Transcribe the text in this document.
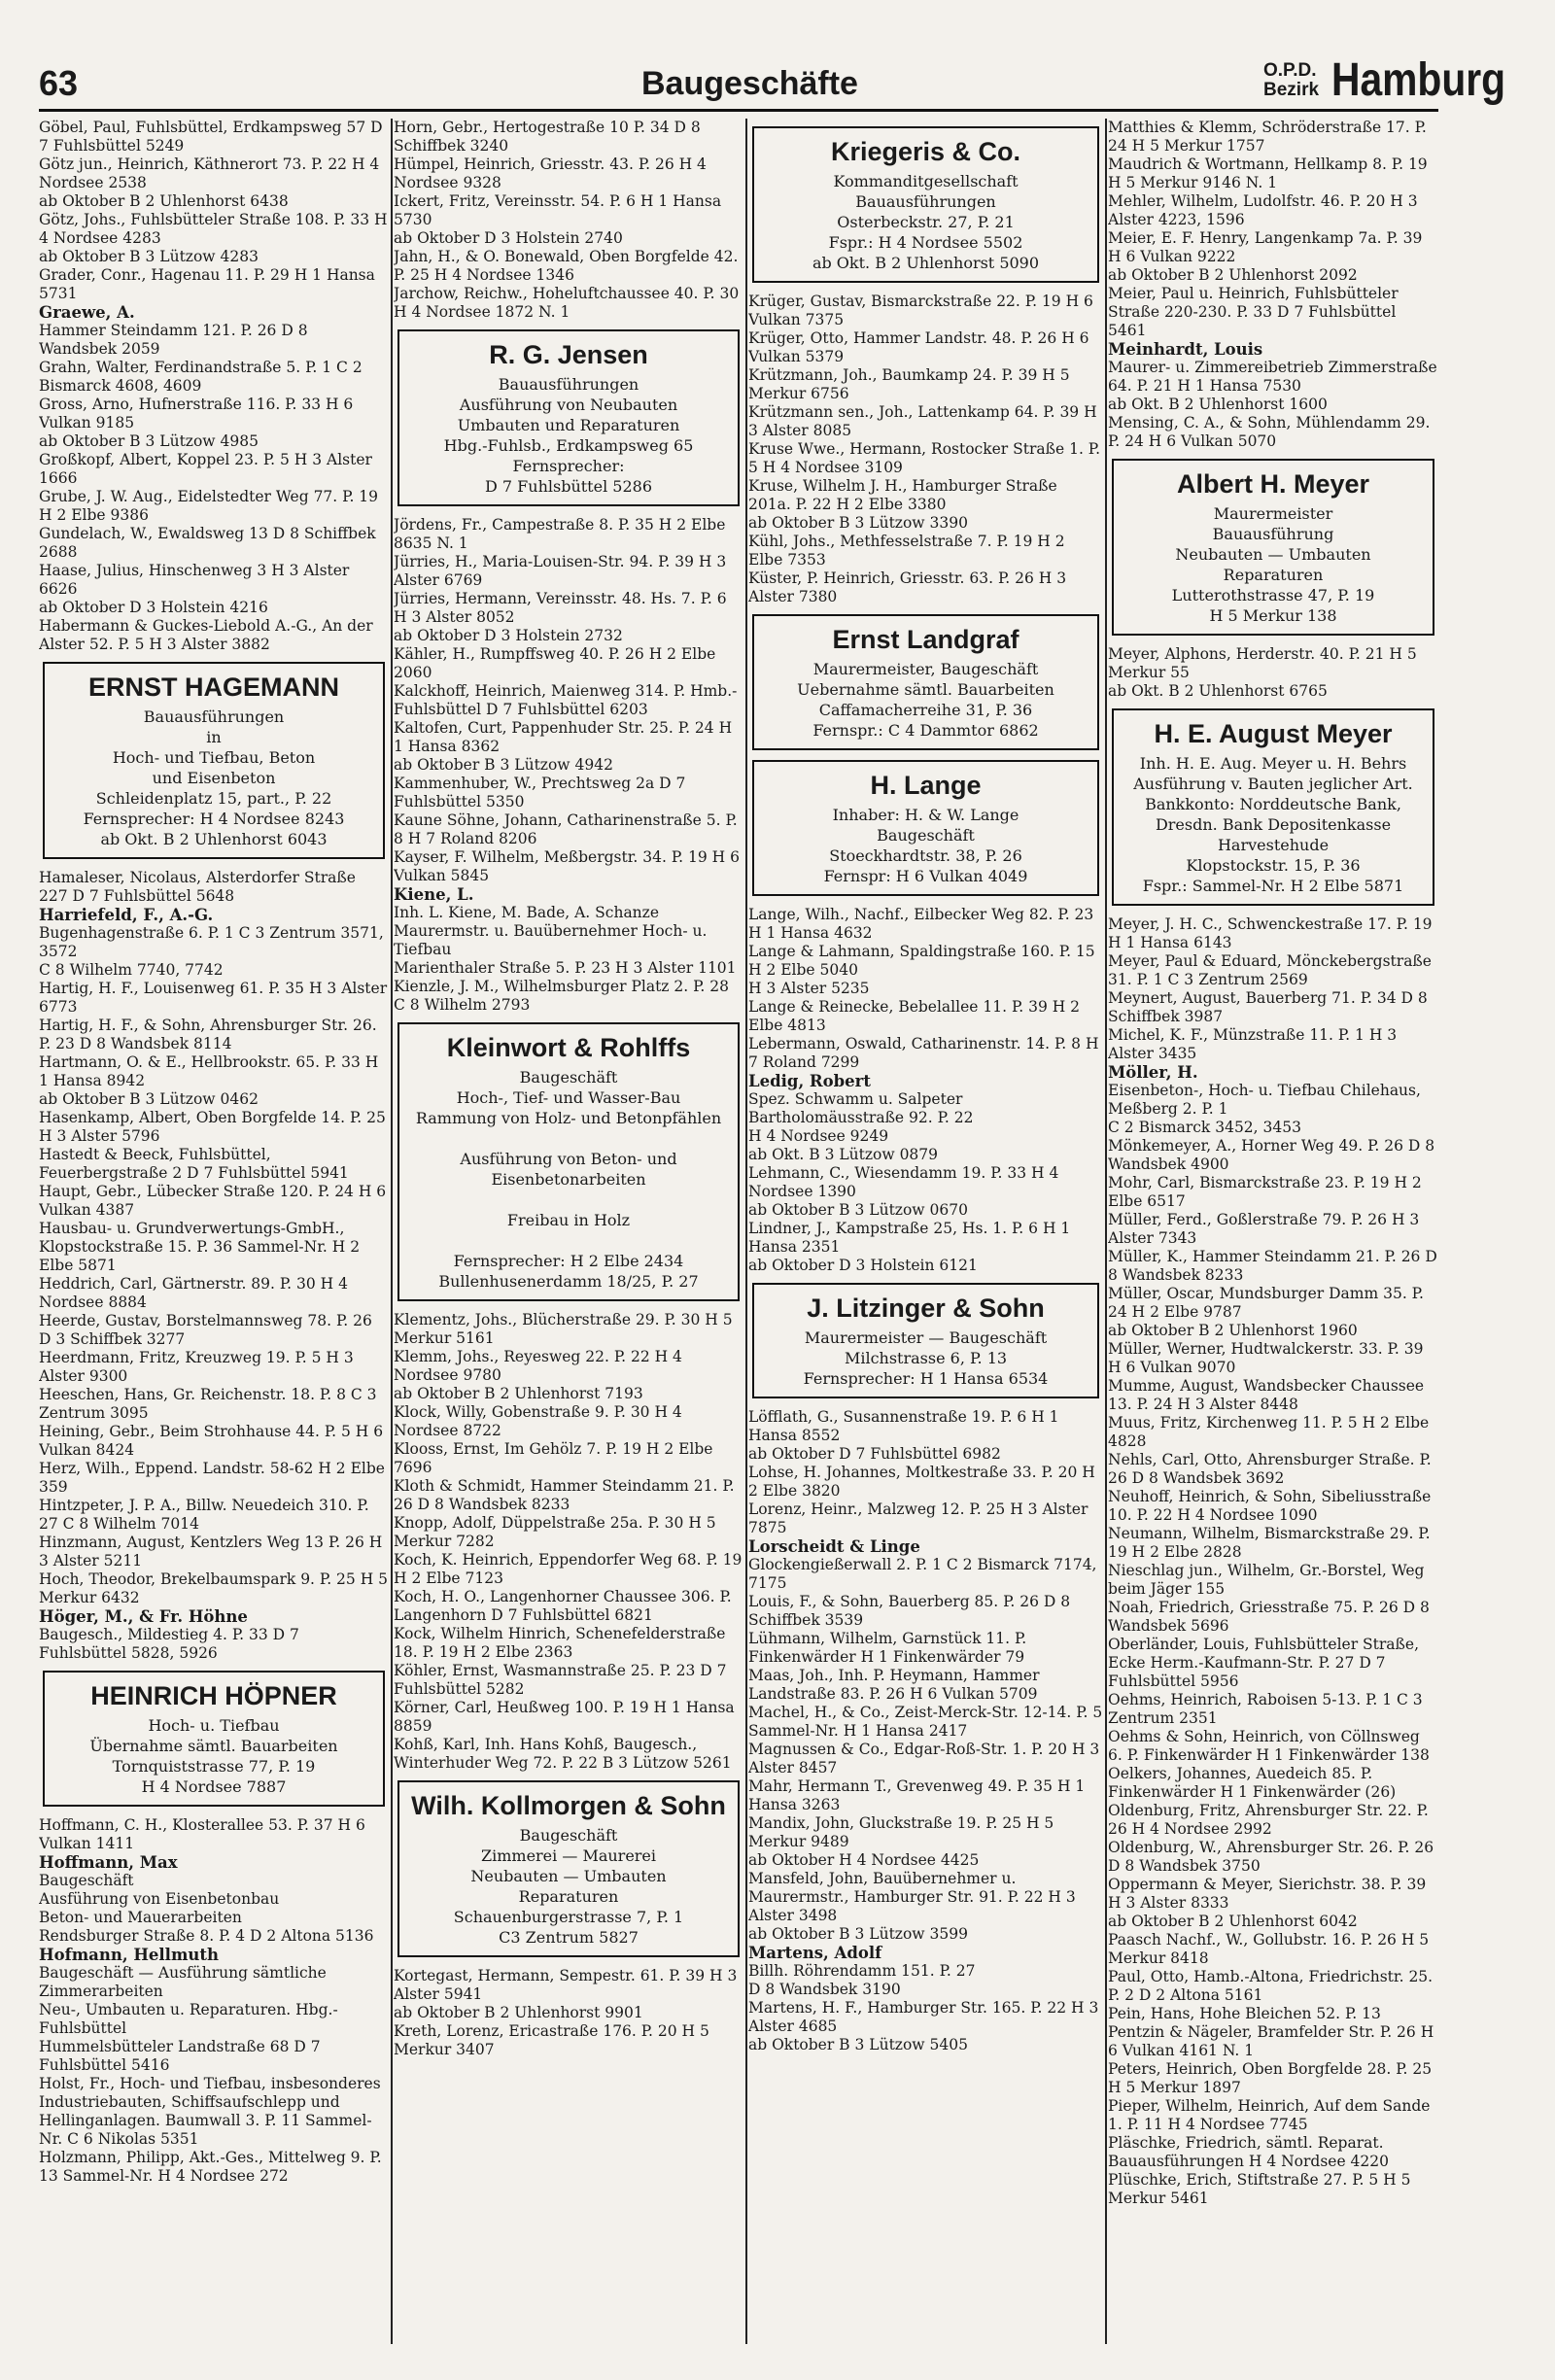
63	Baugeschäfte	O.P.D.
Bezirk Hamburg

Göbel, Paul, Fuhlsbüttel, Erdkampsweg 57 D 7 Fuhlsbüttel 5249

Götz jun., Heinrich, Käthnerort 73. P. 22 H 4 Nordsee 2538
ab Oktober B 2 Uhlenhorst 6438

Götz, Johs., Fuhlsbütteler Straße 108. P. 33 H 4 Nordsee 4283
ab Oktober B 3 Lützow 4283

Grader, Conr., Hagenau 11. P. 29 H 1 Hansa 5731

Graewe, A.

Hammer Steindamm 121. P. 26 D 8 Wandsbek 2059

Grahn, Walter, Ferdinandstraße 5. P. 1 C 2 Bismarck 4608, 4609

Gross, Arno, Hufnerstraße 116. P. 33 H 6 Vulkan 9185
ab Oktober B 3 Lützow 4985

Großkopf, Albert, Koppel 23. P. 5 H 3 Alster 1666

Grube, J. W. Aug., Eidelstedter Weg 77. P. 19 H 2 Elbe 9386

Gundelach, W., Ewaldsweg 13 D 8 Schiffbek 2688

Haase, Julius, Hinschenweg 3 H 3 Alster 6626
ab Oktober D 3 Holstein 4216

Habermann & Guckes-Liebold A.-G., An der Alster 52. P. 5 H 3 Alster 3882

ERNST HAGEMANN
Bauausführungen
in
Hoch- und Tiefbau, Beton
und Eisenbeton
Schleidenplatz 15, part., P. 22
Fernsprecher: H 4 Nordsee 8243
ab Okt. B 2 Uhlenhorst 6043

Hamaleser, Nicolaus, Alsterdorfer Straße 227 D 7 Fuhlsbüttel 5648

Harriefeld, F., A.-G.

Bugenhagenstraße 6. P. 1 C 3 Zentrum 3571, 3572
C 8 Wilhelm 7740, 7742

Hartig, H. F., Louisenweg 61. P. 35 H 3 Alster 6773

Hartig, H. F., & Sohn, Ahrensburger Str. 26. P. 23 D 8 Wandsbek 8114

Hartmann, O. & E., Hellbrookstr. 65. P. 33 H 1 Hansa 8942
ab Oktober B 3 Lützow 0462

Hasenkamp, Albert, Oben Borgfelde 14. P. 25 H 3 Alster 5796

Hastedt & Beeck, Fuhlsbüttel, Feuerbergstraße 2 D 7 Fuhlsbüttel 5941

Haupt, Gebr., Lübecker Straße 120. P. 24 H 6 Vulkan 4387

Hausbau- u. Grundverwertungs-GmbH., Klopstockstraße 15. P. 36 Sammel-Nr. H 2 Elbe 5871

Heddrich, Carl, Gärtnerstr. 89. P. 30 H 4 Nordsee 8884

Heerde, Gustav, Borstelmannsweg 78. P. 26 D 3 Schiffbek 3277

Heerdmann, Fritz, Kreuzweg 19. P. 5 H 3 Alster 9300

Heeschen, Hans, Gr. Reichenstr. 18. P. 8 C 3 Zentrum 3095

Heining, Gebr., Beim Strohhause 44. P. 5 H 6 Vulkan 8424

Herz, Wilh., Eppend. Landstr. 58-62 H 2 Elbe 359

Hintzpeter, J. P. A., Billw. Neuedeich 310. P. 27 C 8 Wilhelm 7014

Hinzmann, August, Kentzlers Weg 13 P. 26 H 3 Alster 5211

Hoch, Theodor, Brekelbaumspark 9. P. 25 H 5 Merkur 6432

Höger, M., & Fr. Höhne

Baugesch., Mildestieg 4. P. 33 D 7 Fuhlsbüttel 5828, 5926

HEINRICH HÖPNER
Hoch- u. Tiefbau
Übernahme sämtl. Bauarbeiten
Tornquiststrasse 77, P. 19
H 4 Nordsee 7887

Hoffmann, C. H., Klosterallee 53. P. 37 H 6 Vulkan 1411

Hoffmann, Max

Baugeschäft
Ausführung von Eisenbetonbau
Beton- und Mauerarbeiten
Rendsburger Straße 8. P. 4 D 2 Altona 5136

Hofmann, Hellmuth

Baugeschäft — Ausführung sämtliche Zimmerarbeiten
Neu-, Umbauten u. Reparaturen. Hbg.-Fuhlsbüttel
Hummelsbütteler Landstraße 68 D 7 Fuhlsbüttel 5416

Holst, Fr., Hoch- und Tiefbau, insbesonderes Industriebauten, Schiffsaufschlepp und Hellinganlagen. Baumwall 3. P. 11 Sammel-Nr. C 6 Nikolas 5351

Holzmann, Philipp, Akt.-Ges., Mittelweg 9. P. 13 Sammel-Nr. H 4 Nordsee 272

Horn, Gebr., Hertogestraße 10 P. 34 D 8 Schiffbek 3240

Hümpel, Heinrich, Griesstr. 43. P. 26 H 4 Nordsee 9328

Ickert, Fritz, Vereinsstr. 54. P. 6 H 1 Hansa 5730
ab Oktober D 3 Holstein 2740

Jahn, H., & O. Bonewald, Oben Borgfelde 42. P. 25 H 4 Nordsee 1346

Jarchow, Reichw., Hoheluftchaussee 40. P. 30 H 4 Nordsee 1872 N. 1

R. G. Jensen
Bauausführungen
Ausführung von Neubauten
Umbauten und Reparaturen
Hbg.-Fuhlsb., Erdkampsweg 65
Fernsprecher:
D 7 Fuhlsbüttel 5286

Jördens, Fr., Campestraße 8. P. 35 H 2 Elbe 8635 N. 1

Jürries, H., Maria-Louisen-Str. 94. P. 39 H 3 Alster 6769

Jürries, Hermann, Vereinsstr. 48. Hs. 7. P. 6 H 3 Alster 8052
ab Oktober D 3 Holstein 2732

Kähler, H., Rumpffsweg 40. P. 26 H 2 Elbe 2060

Kalckhoff, Heinrich, Maienweg 314. P. Hmb.-Fuhlsbüttel D 7 Fuhlsbüttel 6203

Kaltofen, Curt, Pappenhuder Str. 25. P. 24 H 1 Hansa 8362
ab Oktober B 3 Lützow 4942

Kammenhuber, W., Prechtsweg 2a D 7 Fuhlsbüttel 5350

Kaune Söhne, Johann, Catharinenstraße 5. P. 8 H 7 Roland 8206

Kayser, F. Wilhelm, Meßbergstr. 34. P. 19 H 6 Vulkan 5845

Kiene, L.

Inh. L. Kiene, M. Bade, A. Schanze Maurermstr. u. Bauübernehmer Hoch- u. Tiefbau
Marienthaler Straße 5. P. 23 H 3 Alster 1101

Kienzle, J. M., Wilhelmsburger Platz 2. P. 28 C 8 Wilhelm 2793

Kleinwort & Rohlffs
Baugeschäft
Hoch-, Tief- und Wasser-Bau
Rammung von Holz- und Betonpfählen

Ausführung von Beton- und Eisenbetonarbeiten

Freibau in Holz

Fernsprecher: H 2 Elbe 2434
Bullenhusenerdamm 18/25, P. 27

Klementz, Johs., Blücherstraße 29. P. 30 H 5 Merkur 5161

Klemm, Johs., Reyesweg 22. P. 22 H 4 Nordsee 9780
ab Oktober B 2 Uhlenhorst 7193

Klock, Willy, Gobenstraße 9. P. 30 H 4 Nordsee 8722

Klooss, Ernst, Im Gehölz 7. P. 19 H 2 Elbe 7696

Kloth & Schmidt, Hammer Steindamm 21. P. 26 D 8 Wandsbek 8233

Knopp, Adolf, Düppelstraße 25a. P. 30 H 5 Merkur 7282

Koch, K. Heinrich, Eppendorfer Weg 68. P. 19 H 2 Elbe 7123

Koch, H. O., Langenhorner Chaussee 306. P. Langenhorn D 7 Fuhlsbüttel 6821

Kock, Wilhelm Hinrich, Schenefelderstraße 18. P. 19 H 2 Elbe 2363

Köhler, Ernst, Wasmannstraße 25. P. 23 D 7 Fuhlsbüttel 5282

Körner, Carl, Heußweg 100. P. 19 H 1 Hansa 8859

Kohß, Karl, Inh. Hans Kohß, Baugesch., Winterhuder Weg 72. P. 22 B 3 Lützow 5261

Wilh. Kollmorgen & Sohn
Baugeschäft
Zimmerei — Maurerei
Neubauten — Umbauten
Reparaturen
Schauenburgerstrasse 7, P. 1
C3 Zentrum 5827

Kortegast, Hermann, Sempestr. 61. P. 39 H 3 Alster 5941
ab Oktober B 2 Uhlenhorst 9901

Kreth, Lorenz, Ericastraße 176. P. 20 H 5 Merkur 3407

Kriegeris & Co.
Kommanditgesellschaft
Bauausführungen
Osterbeckstr. 27, P. 21
Fspr.: H 4 Nordsee 5502
ab Okt. B 2 Uhlenhorst 5090

Krüger, Gustav, Bismarckstraße 22. P. 19 H 6 Vulkan 7375

Krüger, Otto, Hammer Landstr. 48. P. 26 H 6 Vulkan 5379

Krützmann, Joh., Baumkamp 24. P. 39 H 5 Merkur 6756

Krützmann sen., Joh., Lattenkamp 64. P. 39 H 3 Alster 8085

Kruse Wwe., Hermann, Rostocker Straße 1. P. 5 H 4 Nordsee 3109

Kruse, Wilhelm J. H., Hamburger Straße 201a. P. 22 H 2 Elbe 3380
ab Oktober B 3 Lützow 3390

Kühl, Johs., Methfesselstraße 7. P. 19 H 2 Elbe 7353

Küster, P. Heinrich, Griesstr. 63. P. 26 H 3 Alster 7380

Ernst Landgraf
Maurermeister, Baugeschäft
Uebernahme sämtl. Bauarbeiten
Caffamacherreihe 31, P. 36
Fernspr.: C 4 Dammtor 6862
H. Lange
Inhaber: H. & W. Lange
Baugeschäft
Stoeckhardtstr. 38, P. 26
Fernspr: H 6 Vulkan 4049

Lange, Wilh., Nachf., Eilbecker Weg 82. P. 23 H 1 Hansa 4632

Lange & Lahmann, Spaldingstraße 160. P. 15 H 2 Elbe 5040
H 3 Alster 5235

Lange & Reinecke, Bebelallee 11. P. 39 H 2 Elbe 4813

Lebermann, Oswald, Catharinenstr. 14. P. 8 H 7 Roland 7299

Ledig, Robert

Spez. Schwamm u. Salpeter Bartholomäusstraße 92. P. 22
H 4 Nordsee 9249
ab Okt. B 3 Lützow 0879

Lehmann, C., Wiesendamm 19. P. 33 H 4 Nordsee 1390
ab Oktober B 3 Lützow 0670

Lindner, J., Kampstraße 25, Hs. 1. P. 6 H 1 Hansa 2351
ab Oktober D 3 Holstein 6121

J. Litzinger & Sohn
Maurermeister — Baugeschäft
Milchstrasse 6, P. 13
Fernsprecher: H 1 Hansa 6534

Löfflath, G., Susannenstraße 19. P. 6 H 1 Hansa 8552
ab Oktober D 7 Fuhlsbüttel 6982

Lohse, H. Johannes, Moltkestraße 33. P. 20 H 2 Elbe 3820

Lorenz, Heinr., Malzweg 12. P. 25 H 3 Alster 7875

Lorscheidt & Linge

Glockengießerwall 2. P. 1 C 2 Bismarck 7174, 7175

Louis, F., & Sohn, Bauerberg 85. P. 26 D 8 Schiffbek 3539

Lühmann, Wilhelm, Garnstück 11. P. Finkenwärder H 1 Finkenwärder 79

Maas, Joh., Inh. P. Heymann, Hammer Landstraße 83. P. 26 H 6 Vulkan 5709

Machel, H., & Co., Zeist-Merck-Str. 12-14. P. 5 Sammel-Nr. H 1 Hansa 2417

Magnussen & Co., Edgar-Roß-Str. 1. P. 20 H 3 Alster 8457

Mahr, Hermann T., Grevenweg 49. P. 35 H 1 Hansa 3263

Mandix, John, Gluckstraße 19. P. 25 H 5 Merkur 9489
ab Oktober H 4 Nordsee 4425

Mansfeld, John, Bauübernehmer u. Maurermstr., Hamburger Str. 91. P. 22 H 3 Alster 3498
ab Oktober B 3 Lützow 3599

Martens, Adolf

Billh. Röhrendamm 151. P. 27
D 8 Wandsbek 3190

Martens, H. F., Hamburger Str. 165. P. 22 H 3 Alster 4685
ab Oktober B 3 Lützow 5405

Matthies & Klemm, Schröderstraße 17. P. 24 H 5 Merkur 1757

Maudrich & Wortmann, Hellkamp 8. P. 19 H 5 Merkur 9146 N. 1

Mehler, Wilhelm, Ludolfstr. 46. P. 20 H 3 Alster 4223, 1596

Meier, E. F. Henry, Langenkamp 7a. P. 39 H 6 Vulkan 9222
ab Oktober B 2 Uhlenhorst 2092

Meier, Paul u. Heinrich, Fuhlsbütteler Straße 220-230. P. 33 D 7 Fuhlsbüttel 5461

Meinhardt, Louis

Maurer- u. Zimmereibetrieb Zimmerstraße 64. P. 21 H 1 Hansa 7530
ab Okt. B 2 Uhlenhorst 1600

Mensing, C. A., & Sohn, Mühlendamm 29. P. 24 H 6 Vulkan 5070

Albert H. Meyer
Maurermeister
Bauausführung
Neubauten — Umbauten
Reparaturen
Lutterothstrasse 47, P. 19
H 5 Merkur 138

Meyer, Alphons, Herderstr. 40. P. 21 H 5 Merkur 55
ab Okt. B 2 Uhlenhorst 6765

H. E. August Meyer
Inh. H. E. Aug. Meyer u. H. Behrs
Ausführung v. Bauten jeglicher Art. Bankkonto: Norddeutsche Bank, Dresdn. Bank Depositenkasse Harvestehude
Klopstockstr. 15, P. 36
Fspr.: Sammel-Nr. H 2 Elbe 5871

Meyer, J. H. C., Schwenckestraße 17. P. 19 H 1 Hansa 6143

Meyer, Paul & Eduard, Mönckebergstraße 31. P. 1 C 3 Zentrum 2569

Meynert, August, Bauerberg 71. P. 34 D 8 Schiffbek 3987

Michel, K. F., Münzstraße 11. P. 1 H 3 Alster 3435

Möller, H.

Eisenbeton-, Hoch- u. Tiefbau Chilehaus, Meßberg 2. P. 1
C 2 Bismarck 3452, 3453

Mönkemeyer, A., Horner Weg 49. P. 26 D 8 Wandsbek 4900

Mohr, Carl, Bismarckstraße 23. P. 19 H 2 Elbe 6517

Müller, Ferd., Goßlerstraße 79. P. 26 H 3 Alster 7343

Müller, K., Hammer Steindamm 21. P. 26 D 8 Wandsbek 8233

Müller, Oscar, Mundsburger Damm 35. P. 24 H 2 Elbe 9787
ab Oktober B 2 Uhlenhorst 1960

Müller, Werner, Hudtwalckerstr. 33. P. 39 H 6 Vulkan 9070

Mumme, August, Wandsbecker Chaussee 13. P. 24 H 3 Alster 8448

Muus, Fritz, Kirchenweg 11. P. 5 H 2 Elbe 4828

Nehls, Carl, Otto, Ahrensburger Straße. P. 26 D 8 Wandsbek 3692

Neuhoff, Heinrich, & Sohn, Sibeliusstraße 10. P. 22 H 4 Nordsee 1090

Neumann, Wilhelm, Bismarckstraße 29. P. 19 H 2 Elbe 2828

Nieschlag jun., Wilhelm, Gr.-Borstel, Weg beim Jäger 155

Noah, Friedrich, Griesstraße 75. P. 26 D 8 Wandsbek 5696

Oberländer, Louis, Fuhlsbütteler Straße, Ecke Herm.-Kaufmann-Str. P. 27 D 7 Fuhlsbüttel 5956

Oehms, Heinrich, Raboisen 5-13. P. 1 C 3 Zentrum 2351

Oehms & Sohn, Heinrich, von Cöllnsweg 6. P. Finkenwärder H 1 Finkenwärder 138

Oelkers, Johannes, Auedeich 85. P. Finkenwärder H 1 Finkenwärder (26)

Oldenburg, Fritz, Ahrensburger Str. 22. P. 26 H 4 Nordsee 2992

Oldenburg, W., Ahrensburger Str. 26. P. 26 D 8 Wandsbek 3750

Oppermann & Meyer, Sierichstr. 38. P. 39 H 3 Alster 8333
ab Oktober B 2 Uhlenhorst 6042

Paasch Nachf., W., Gollubstr. 16. P. 26 H 5 Merkur 8418

Paul, Otto, Hamb.-Altona, Friedrichstr. 25. P. 2 D 2 Altona 5161

Pein, Hans, Hohe Bleichen 52. P. 13

Pentzin & Nägeler, Bramfelder Str. P. 26 H 6 Vulkan 4161 N. 1

Peters, Heinrich, Oben Borgfelde 28. P. 25 H 5 Merkur 1897

Pieper, Wilhelm, Heinrich, Auf dem Sande 1. P. 11 H 4 Nordsee 7745

Pläschke, Friedrich, sämtl. Reparat. Bauausführungen H 4 Nordsee 4220

Plüschke, Erich, Stiftstraße 27. P. 5 H 5 Merkur 5461
